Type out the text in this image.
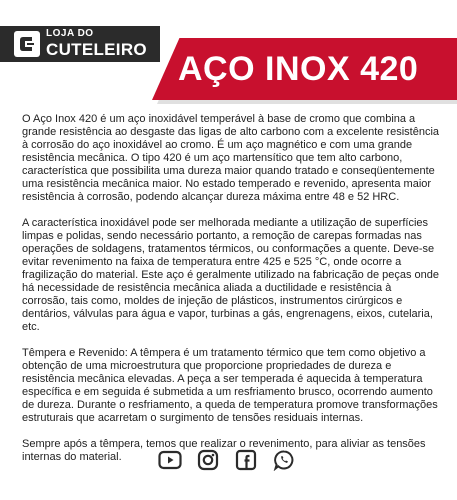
LOJA DO
CUTELEIRO
AÇO INOX 420

O Aço Inox 420 é um aço inoxidável temperável à base de cromo que combina a grande resistência ao desgaste das ligas de alto carbono com a excelente resistência à corrosão do aço inoxidável ao cromo. É um aço magnético e com uma grande resistência mecânica. O tipo 420 é um aço martensítico que tem alto carbono, característica que possibilita uma dureza maior quando tratado e conseqüentemente uma resistência mecânica maior. No estado temperado e revenido, apresenta maior resistência à corrosão, podendo alcançar dureza máxima entre 48 e 52 HRC.

A característica inoxidável pode ser melhorada mediante a utilização de superfícies limpas e polidas, sendo necessário portanto, a remoção de carepas formadas nas operações de soldagens, tratamentos térmicos, ou conformações a quente. Deve-se evitar revenimento na faixa de temperatura entre 425 e 525 °C, onde ocorre a fragilização do material. Este aço é geralmente utilizado na fabricação de peças onde há necessidade de resistência mecânica aliada a ductilidade e resistência à corrosão, tais como, moldes de injeção de plásticos, instrumentos cirúrgicos e dentários, válvulas para água e vapor, turbinas a gás, engrenagens, eixos, cutelaria, etc.

Têmpera e Revenido: A têmpera é um tratamento térmico que tem como objetivo a obtenção de uma microestrutura que proporcione propriedades de dureza e resistência mecânica elevadas. A peça a ser temperada é aquecida à temperatura específica e em seguida é submetida a um resfriamento brusco, ocorrendo aumento de dureza. Durante o resfriamento, a queda de temperatura promove transformações estruturais que acarretam o surgimento de tensões residuais internas.

Sempre após a têmpera, temos que realizar o revenimento, para aliviar as tensões internas do material.
